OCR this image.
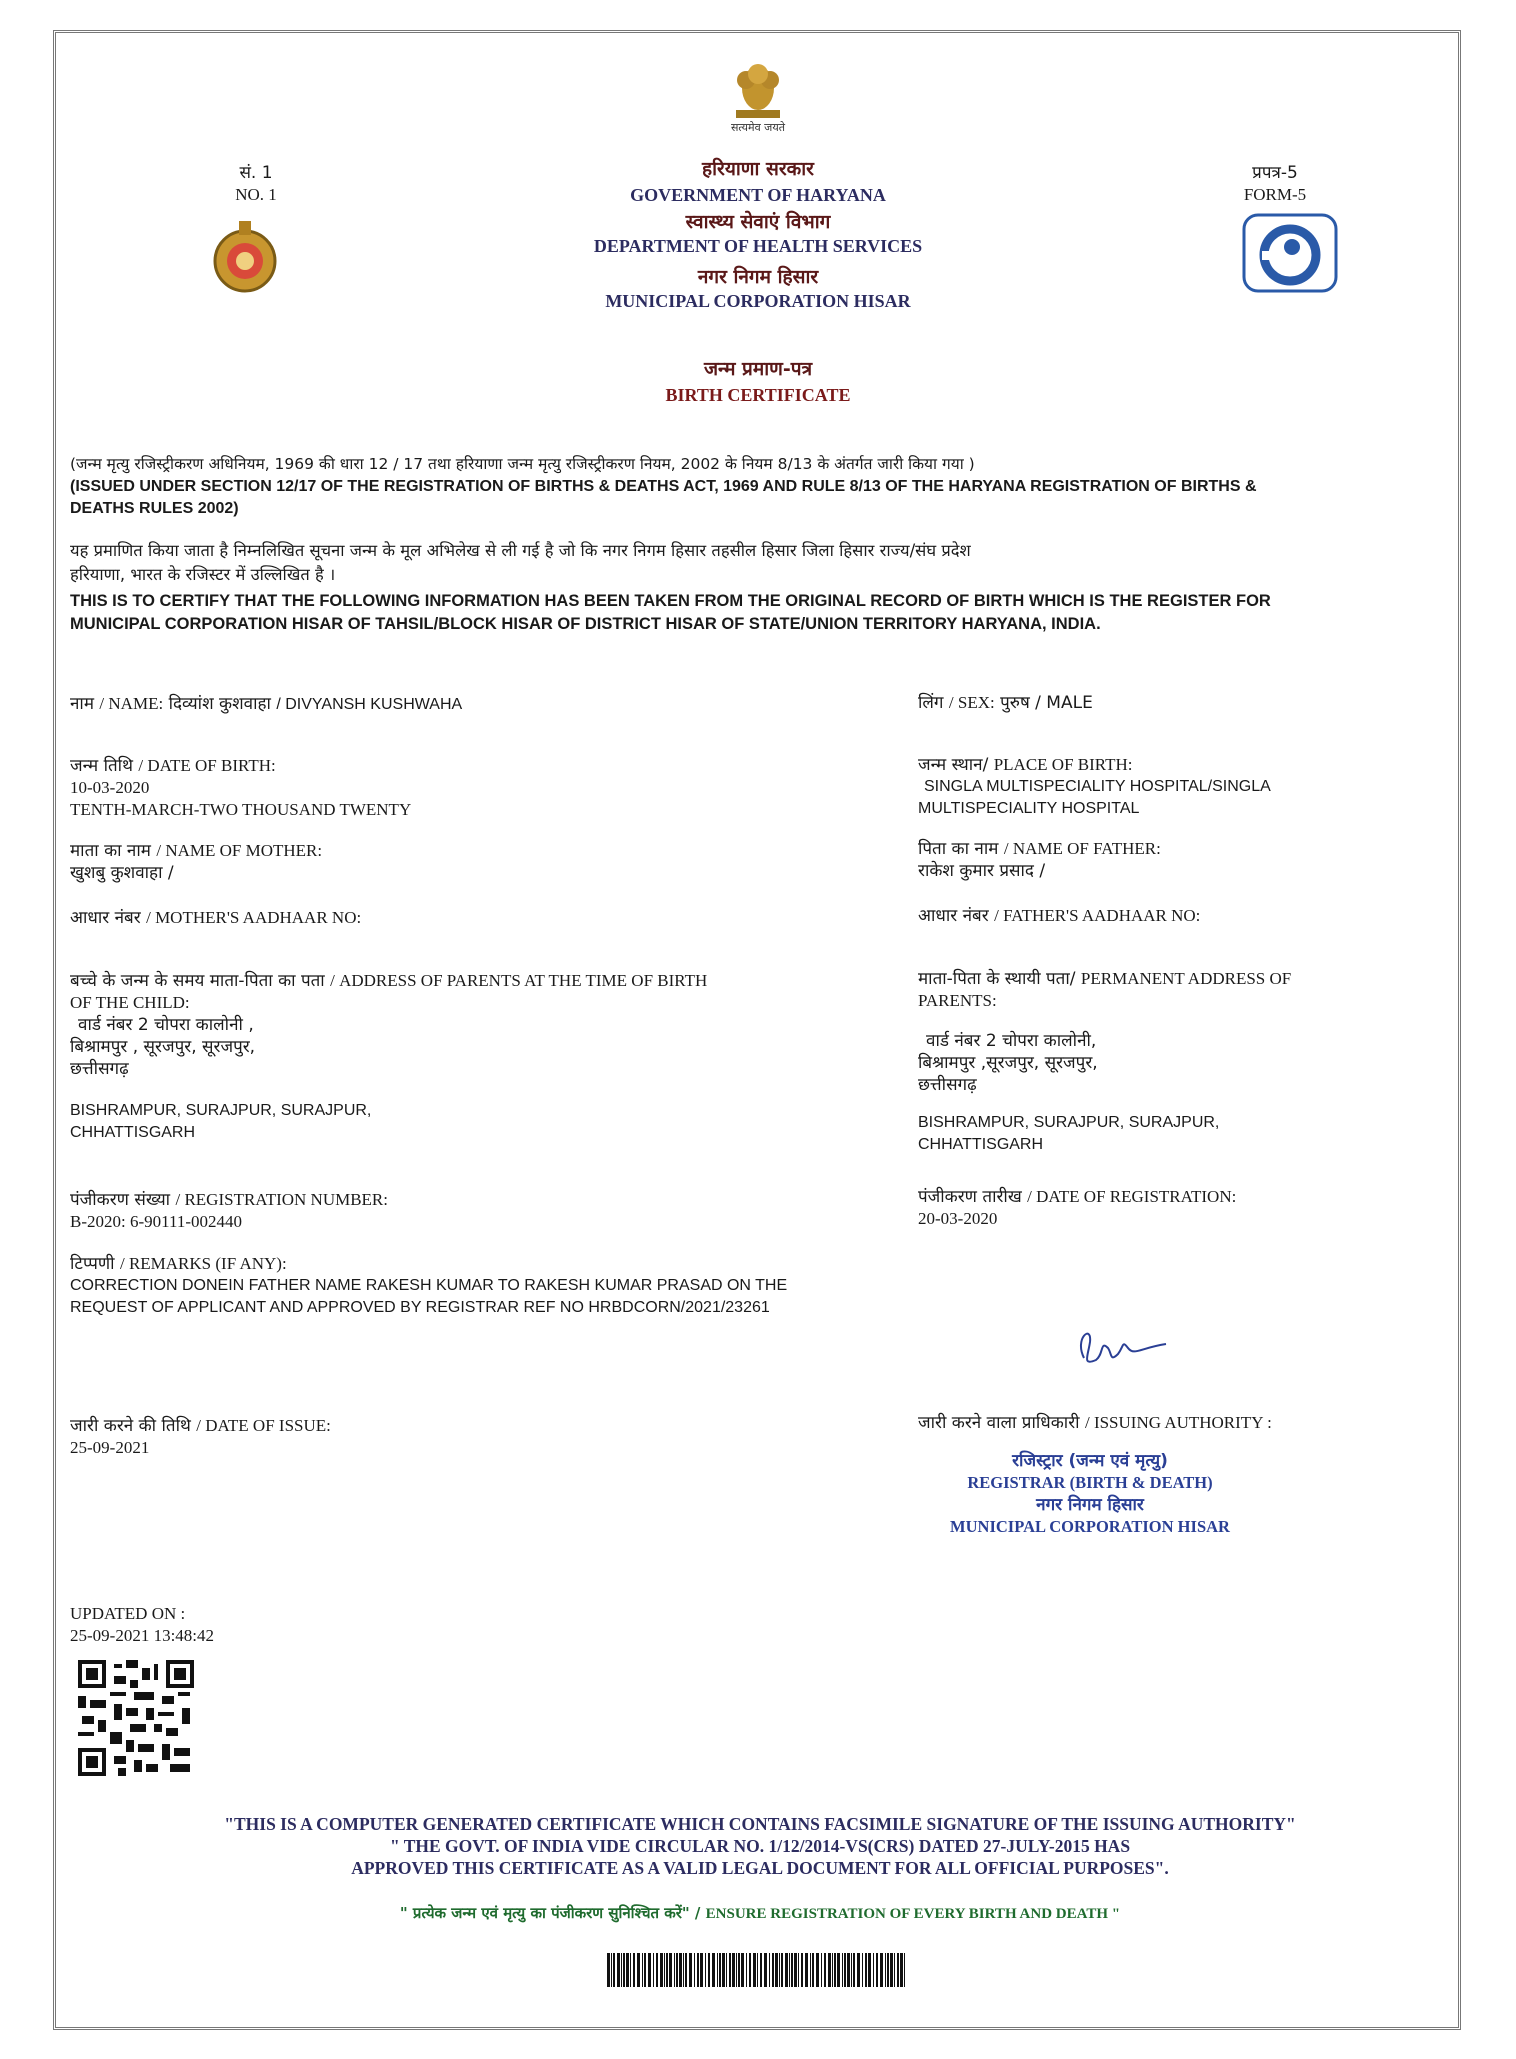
सत्यमेव जयते
सं. 1
NO. 1
प्रपत्र-5
FORM-5
हरियाणा सरकार
GOVERNMENT OF HARYANA
स्वास्थ्य सेवाएं विभाग
DEPARTMENT OF HEALTH SERVICES
नगर निगम हिसार
MUNICIPAL CORPORATION HISAR
जन्म प्रमाण-पत्र
BIRTH CERTIFICATE
(जन्म मृत्यु रजिस्ट्रीकरण अधिनियम, 1969 की धारा 12 / 17 तथा हरियाणा जन्म मृत्यु रजिस्ट्रीकरण नियम, 2002 के नियम 8/13 के अंतर्गत जारी किया गया )
(ISSUED UNDER SECTION 12/17 OF THE REGISTRATION OF BIRTHS & DEATHS ACT, 1969 AND RULE 8/13 OF THE HARYANA REGISTRATION OF BIRTHS &
DEATHS RULES 2002)
यह प्रमाणित किया जाता है निम्नलिखित सूचना जन्म के मूल अभिलेख से ली गई है जो कि नगर निगम हिसार तहसील हिसार जिला हिसार राज्य/संघ प्रदेश
हरियाणा, भारत के रजिस्टर में उल्लिखित है ।
THIS IS TO CERTIFY THAT THE FOLLOWING INFORMATION HAS BEEN TAKEN FROM THE ORIGINAL RECORD OF BIRTH WHICH IS THE REGISTER FOR
MUNICIPAL CORPORATION HISAR OF TAHSIL/BLOCK HISAR OF DISTRICT HISAR OF STATE/UNION TERRITORY HARYANA, INDIA.
नाम / NAME: दिव्यांश कुशवाहा / DIVYANSH KUSHWAHA	लिंग / SEX: पुरुष / MALE
जन्म तिथि / DATE OF BIRTH:
10-03-2020
TENTH-MARCH-TWO THOUSAND TWENTY
जन्म स्थान/ PLACE OF BIRTH:
SINGLA MULTISPECIALITY HOSPITAL/SINGLA
MULTISPECIALITY HOSPITAL
माता का नाम / NAME OF MOTHER:
खुशबु कुशवाहा /
पिता का नाम / NAME OF FATHER:
राकेश कुमार प्रसाद /
आधार नंबर / MOTHER'S AADHAAR NO:	आधार नंबर / FATHER'S AADHAAR NO:
बच्चे के जन्म के समय माता-पिता का पता / ADDRESS OF PARENTS AT THE TIME OF BIRTH
OF THE CHILD:
वार्ड नंबर 2 चोपरा कालोनी ,
बिश्रामपुर , सूरजपुर, सूरजपुर,
छत्तीसगढ़
BISHRAMPUR, SURAJPUR, SURAJPUR,
CHHATTISGARH
माता-पिता के स्थायी पता/ PERMANENT ADDRESS OF
PARENTS:
वार्ड नंबर 2 चोपरा कालोनी,
बिश्रामपुर ,सूरजपुर, सूरजपुर,
छत्तीसगढ़
BISHRAMPUR, SURAJPUR, SURAJPUR,
CHHATTISGARH
पंजीकरण संख्या / REGISTRATION NUMBER:
B-2020: 6-90111-002440
पंजीकरण तारीख / DATE OF REGISTRATION:
20-03-2020
टिप्पणी / REMARKS (IF ANY):
CORRECTION DONEIN FATHER NAME RAKESH KUMAR TO RAKESH KUMAR PRASAD ON THE
REQUEST OF APPLICANT AND APPROVED BY REGISTRAR REF NO HRBDCORN/2021/23261
जारी करने की तिथि / DATE OF ISSUE:
25-09-2021
जारी करने वाला प्राधिकारी / ISSUING AUTHORITY :
रजिस्ट्रार (जन्म एवं मृत्यु)
REGISTRAR (BIRTH & DEATH)
नगर निगम हिसार
MUNICIPAL CORPORATION HISAR
UPDATED ON :
25-09-2021 13:48:42
"THIS IS A COMPUTER GENERATED CERTIFICATE WHICH CONTAINS FACSIMILE SIGNATURE OF THE ISSUING AUTHORITY"
" THE GOVT. OF INDIA VIDE CIRCULAR NO. 1/12/2014-VS(CRS) DATED 27-JULY-2015 HAS
APPROVED THIS CERTIFICATE AS A VALID LEGAL DOCUMENT FOR ALL OFFICIAL PURPOSES".
" प्रत्येक जन्म एवं मृत्यु का पंजीकरण सुनिश्चित करें" / ENSURE REGISTRATION OF EVERY BIRTH AND DEATH "
